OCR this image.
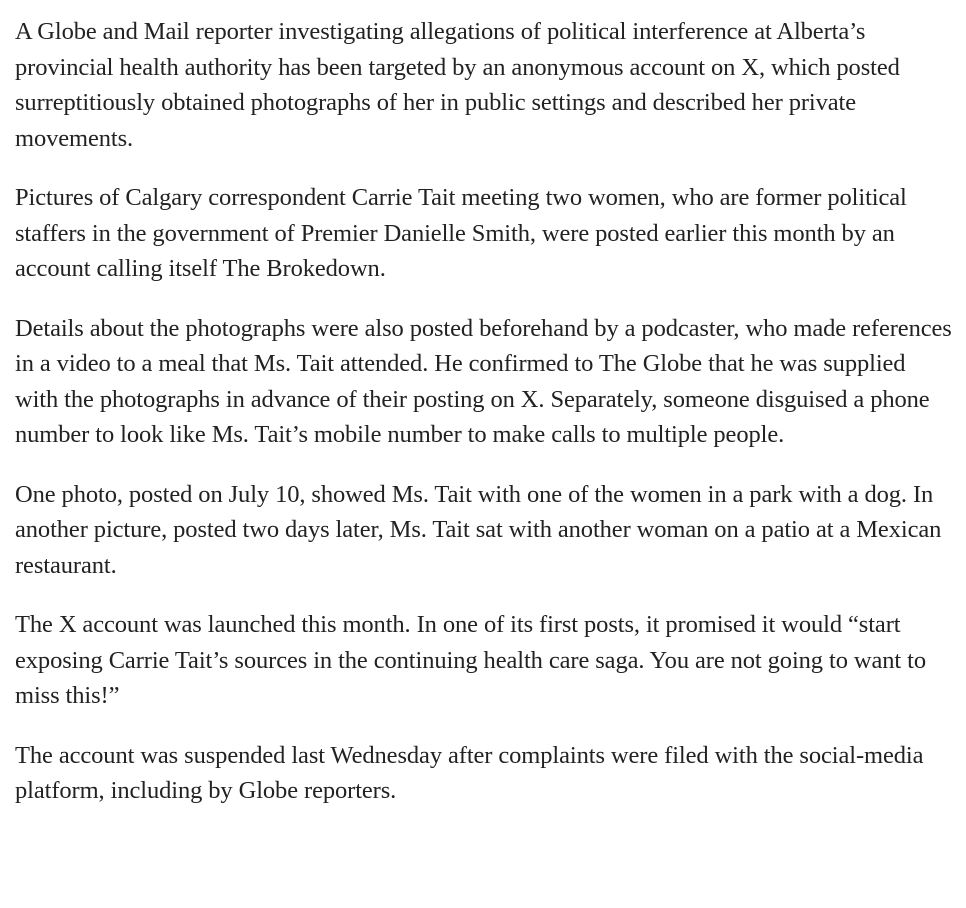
A Globe and Mail reporter investigating allegations of political interference at Alberta’s provincial health authority has been targeted by an anonymous account on X, which posted surreptitiously obtained photographs of her in public settings and described her private movements.

Pictures of Calgary correspondent Carrie Tait meeting two women, who are former political staffers in the government of Premier Danielle Smith, were posted earlier this month by an account calling itself The Brokedown.

Details about the photographs were also posted beforehand by a podcaster, who made references in a video to a meal that Ms. Tait attended. He confirmed to The Globe that he was supplied with the photographs in advance of their posting on X. Separately, someone disguised a phone number to look like Ms. Tait’s mobile number to make calls to multiple people.

One photo, posted on July 10, showed Ms. Tait with one of the women in a park with a dog. In another picture, posted two days later, Ms. Tait sat with another woman on a patio at a Mexican restaurant.

The X account was launched this month. In one of its first posts, it promised it would “start exposing Carrie Tait’s sources in the continuing health care saga. You are not going to want to miss this!”

The account was suspended last Wednesday after complaints were filed with the social-media platform, including by Globe reporters.
